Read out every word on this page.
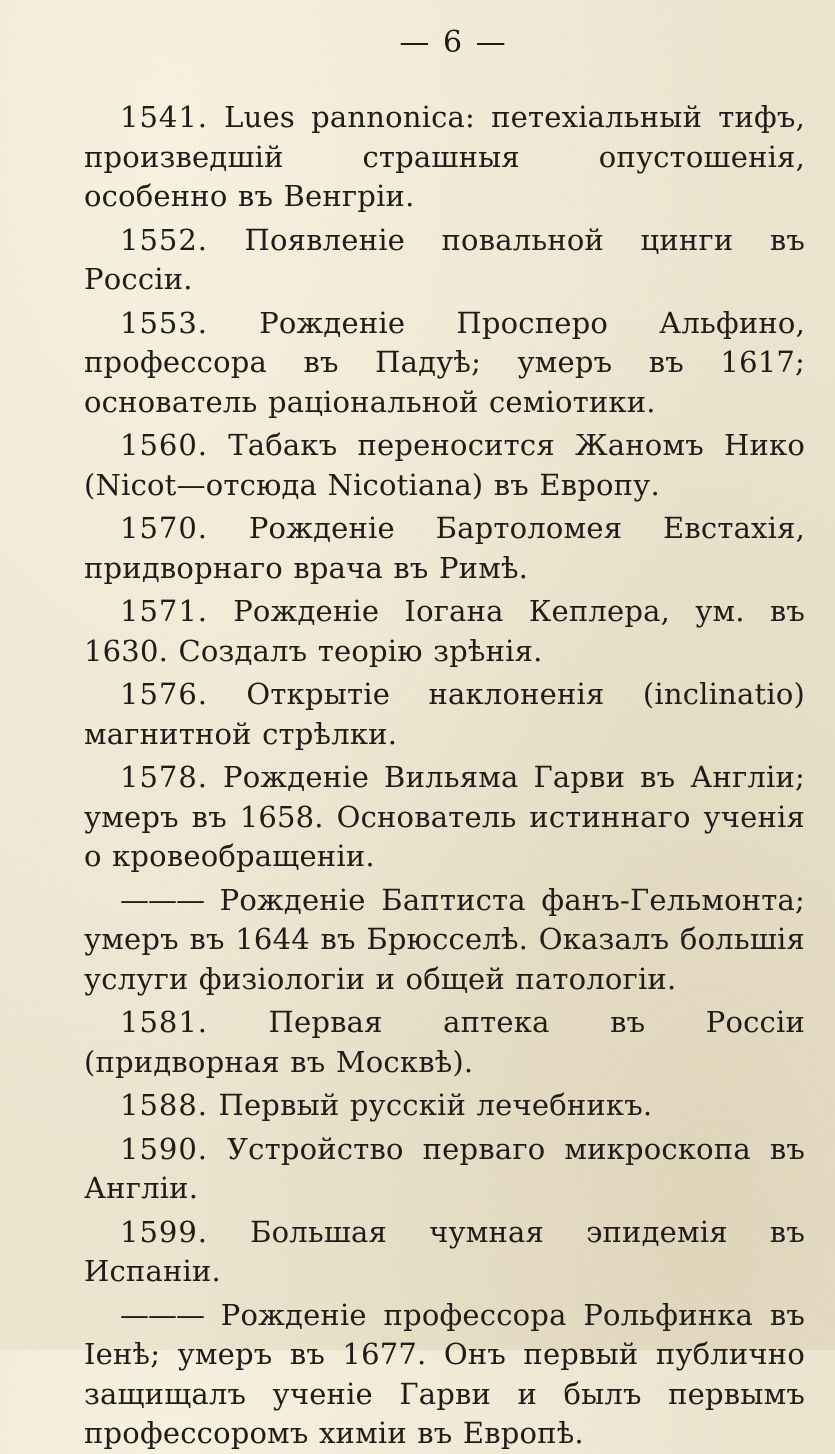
— 6 —

1541. Lues pannonica: петехіальный тифъ, произведшій страшныя опустошенія, особенно въ Венгріи.

1552. Появленіе повальной цинги въ Россіи.

1553. Рожденіе Проспepo Альфино, профессора въ Падуѣ; умеръ въ 1617; основатель раціональной семіотики.

1560. Табакъ переносится Жаномъ Нико (Nicot—отсюда Nicotiana) въ Европу.

1570. Рожденіе Бартоломея Евстахія, придворнаго врача въ Римѣ.

1571. Рожденіе Іогана Кеплера, ум. въ 1630. Создалъ теорію зрѣнія.

1576. Открытіе наклоненія (inclinatio) магнитной стрѣлки.

1578. Рожденіе Вильяма Гарви въ Англіи; умеръ въ 1658. Основатель истиннаго ученія о кровеобращеніи.

——— Рожденіе Баптиста фанъ-Гельмонта; умеръ въ 1644 въ Брюсселѣ. Оказалъ большія услуги физіологіи и общей патологіи.

1581. Первая аптека въ Россіи (придворная въ Москвѣ).

1588. Первый русскій лечебникъ.

1590. Устройство перваго микроскопа въ Англіи.

1599. Большая чумная эпидемія въ Испаніи.

——— Рожденіе профессора Рольфинка въ Іенѣ; умеръ въ 1677. Онъ первый публично защищалъ ученіе Гарви и былъ первымъ профессоромъ химіи въ Европѣ.
